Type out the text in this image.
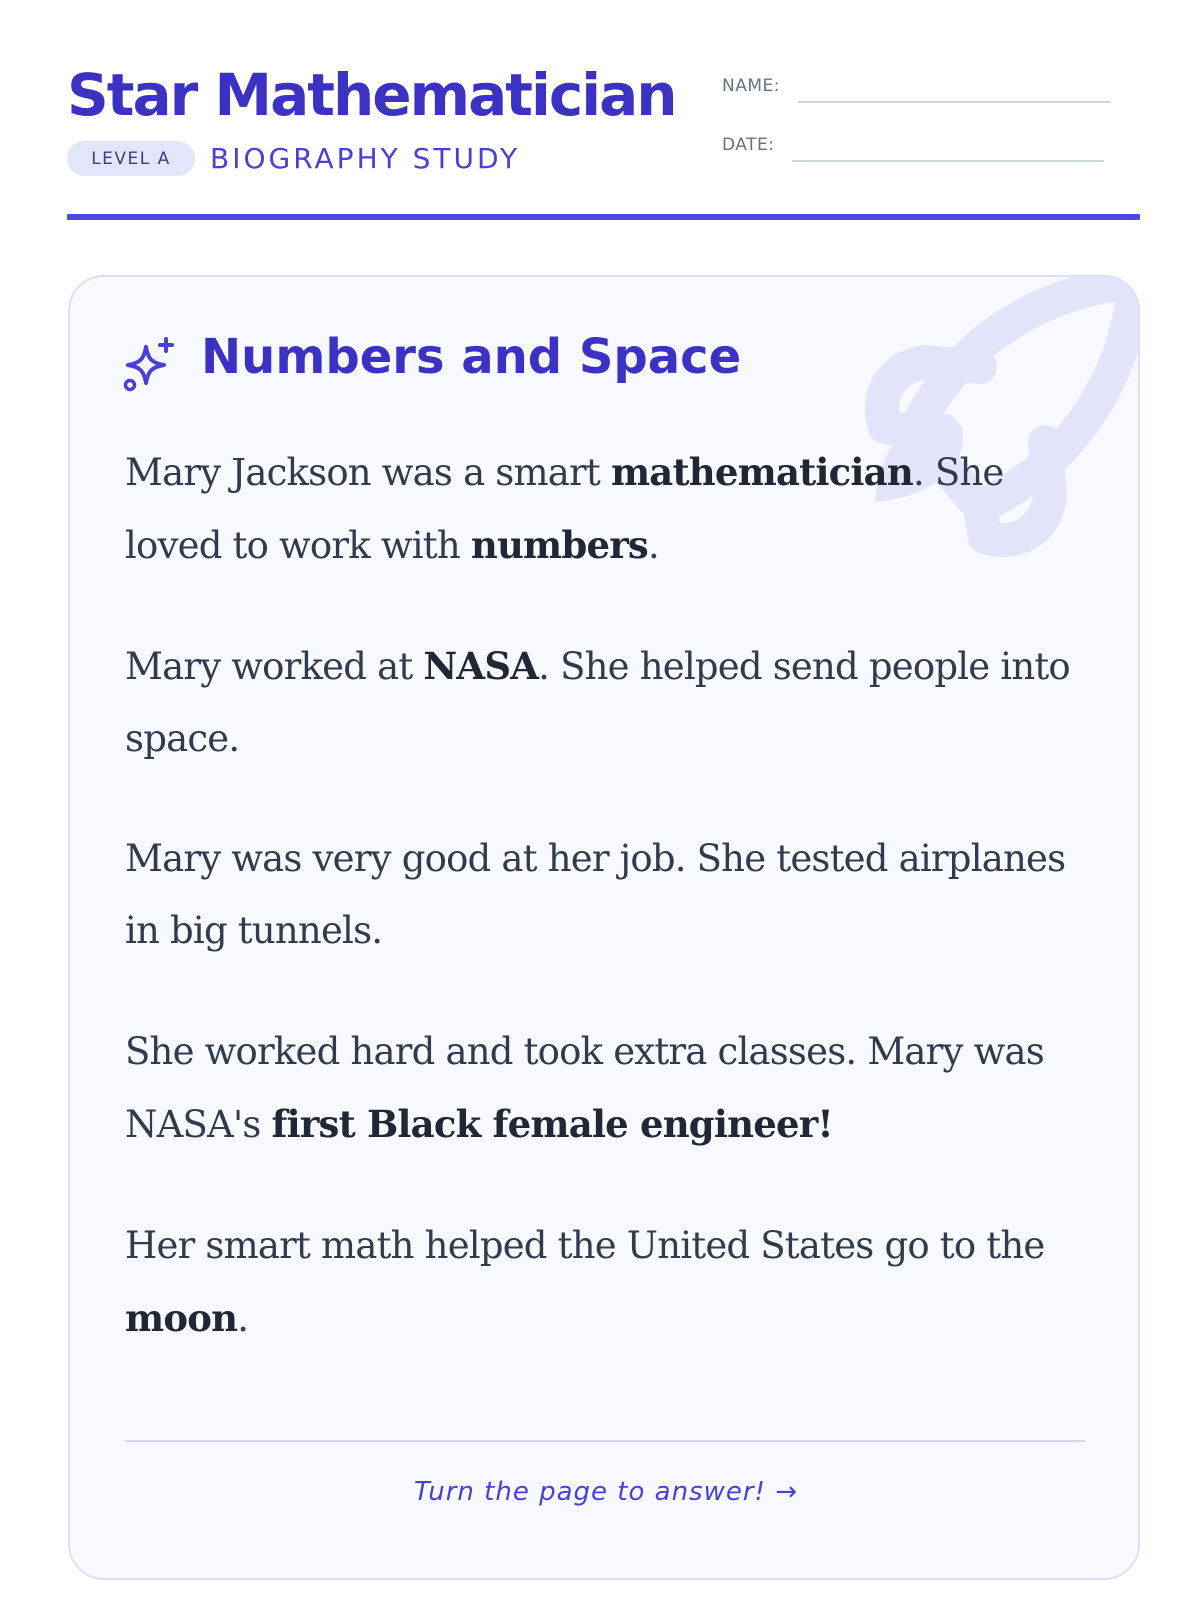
Star Mathematician
LEVEL A	BIOGRAPHY STUDY
NAME:
DATE:
Numbers and Space

Mary Jackson was a smart mathematician. She loved to work with numbers.

Mary worked at NASA. She helped send people into space.

Mary was very good at her job. She tested airplanes in big tunnels.

She worked hard and took extra classes. Mary was NASA's first Black female engineer!

Her smart math helped the United States go to the moon.

Turn the page to answer! →
